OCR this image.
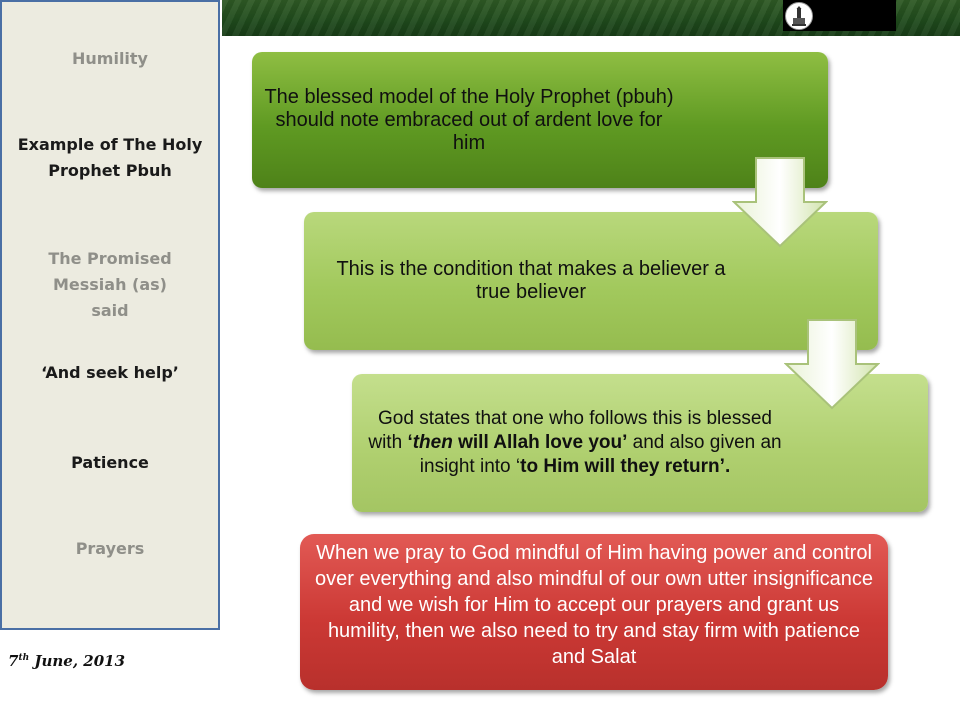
Humility
Example of The Holy Prophet Pbuh
The Promised Messiah (as) said
‘And seek help’
Patience
Prayers
7th June, 2013
The blessed model of the Holy Prophet (pbuh) should note embraced out of ardent love for him
This is the condition that makes a believer a true believer
God states that one who follows this is blessed with ‘then will Allah love you’ and also given an insight into ‘to Him will they return’.
When we pray to God mindful of Him having power and control over everything and also mindful of our own utter insignificance and we wish for Him to accept our prayers and grant us humility, then we also need to try and stay firm with patience and Salat
